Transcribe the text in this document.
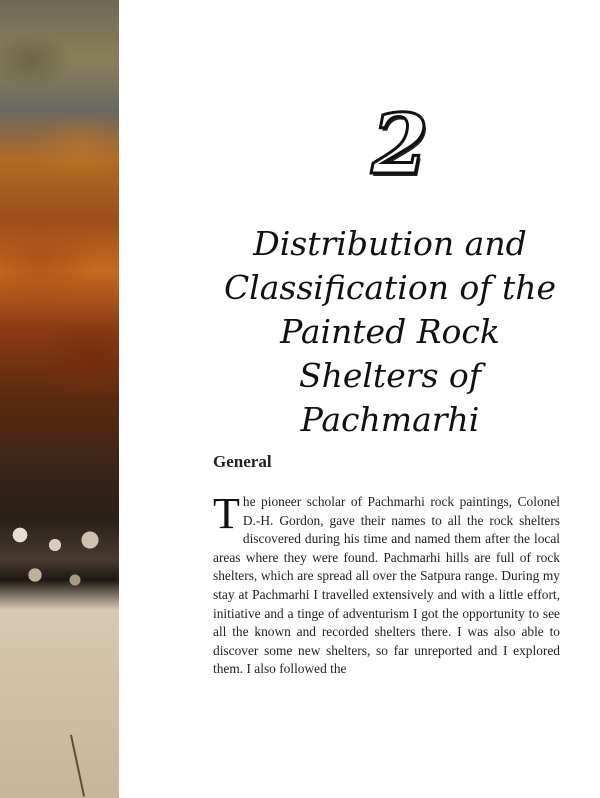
2
Distribution and Classification of the Painted Rock Shelters of Pachmarhi
General

The pioneer scholar of Pachmarhi rock paintings, Colonel D.-H. Gordon, gave their names to all the rock shelters discovered during his time and named them after the local areas where they were found. Pachmarhi hills are full of rock shelters, which are spread all over the Satpura range. During my stay at Pachmarhi I travelled extensively and with a little effort, initiative and a tinge of adventurism I got the opportunity to see all the known and recorded shelters there. I was also able to discover some new shelters, so far unreported and I explored them. I also followed the
